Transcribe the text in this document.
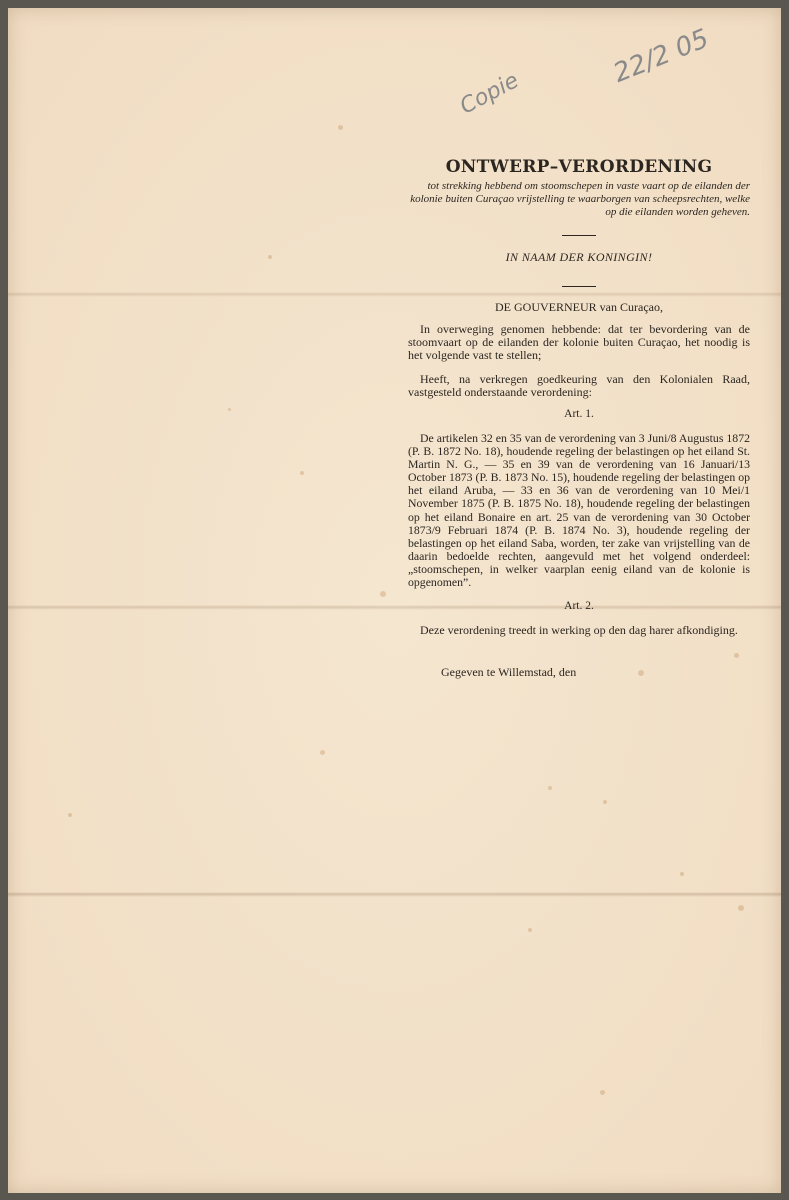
Copie
22/2 05
ONTWERP–VERORDENING
tot strekking hebbend om stoomschepen in vaste vaart op de eilanden der kolonie buiten Curaçao vrijstelling te waarborgen van scheepsrechten, welke op die eilanden worden geheven.
IN NAAM DER KONINGIN!
DE GOUVERNEUR van Curaçao,
In overweging genomen hebbende: dat ter bevordering van de stoomvaart op de eilanden der kolonie buiten Curaçao, het noodig is het volgende vast te stellen;
Heeft, na verkregen goedkeuring van den Kolonialen Raad, vastgesteld onderstaande verordening:
Art. 1.
De artikelen 32 en 35 van de verordening van 3 Juni/8 Augustus 1872 (P. B. 1872 No. 18), houdende regeling der belastingen op het eiland St. Martin N. G., — 35 en 39 van de verordening van 16 Januari/13 October 1873 (P. B. 1873 No. 15), houdende regeling der belastingen op het eiland Aruba, — 33 en 36 van de verordening van 10 Mei/1 November 1875 (P. B. 1875 No. 18), houdende regeling der belastingen op het eiland Bonaire en art. 25 van de verordening van 30 October 1873/9 Februari 1874 (P. B. 1874 No. 3), houdende regeling der belastingen op het eiland Saba, worden, ter zake van vrijstelling van de daarin bedoelde rechten, aangevuld met het volgend onderdeel: „stoomschepen, in welker vaarplan eenig eiland van de kolonie is opgenomen”.
Art. 2.
Deze verordening treedt in werking op den dag harer afkondiging.
Gegeven te Willemstad, den
